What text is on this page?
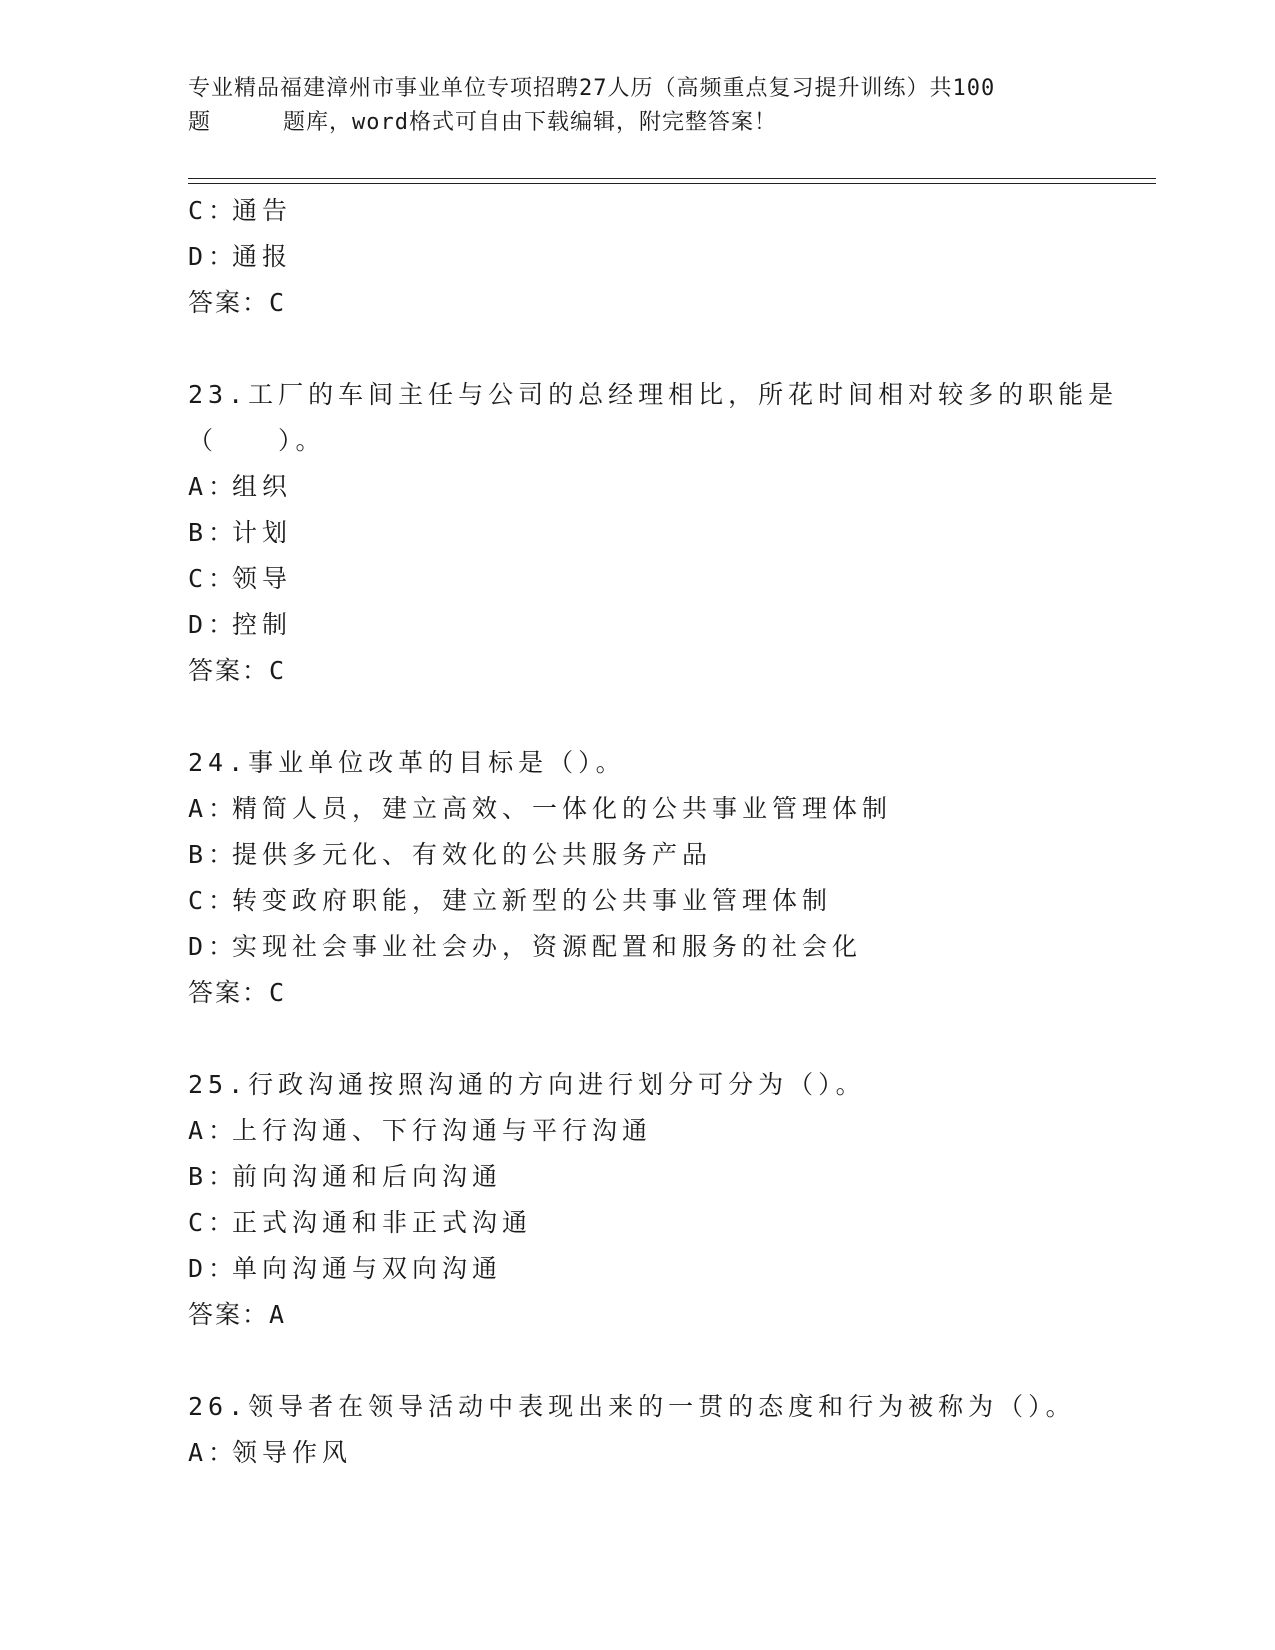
专业精品福建漳州市事业单位专项招聘27人历（高频重点复习提升训练）共100
题	题库，word格式可自由下载编辑，附完整答案！
C：通告
D：通报
答案：C
23.工厂的车间主任与公司的总经理相比，所花时间相对较多的职能是
（　　）。
A：组织
B：计划
C：领导
D：控制
答案：C
24.事业单位改革的目标是（）。
A：精简人员，建立高效、一体化的公共事业管理体制
B：提供多元化、有效化的公共服务产品
C：转变政府职能，建立新型的公共事业管理体制
D：实现社会事业社会办，资源配置和服务的社会化
答案：C
25.行政沟通按照沟通的方向进行划分可分为（）。
A：上行沟通、下行沟通与平行沟通
B：前向沟通和后向沟通
C：正式沟通和非正式沟通
D：单向沟通与双向沟通
答案：A
26.领导者在领导活动中表现出来的一贯的态度和行为被称为（）。
A：领导作风
